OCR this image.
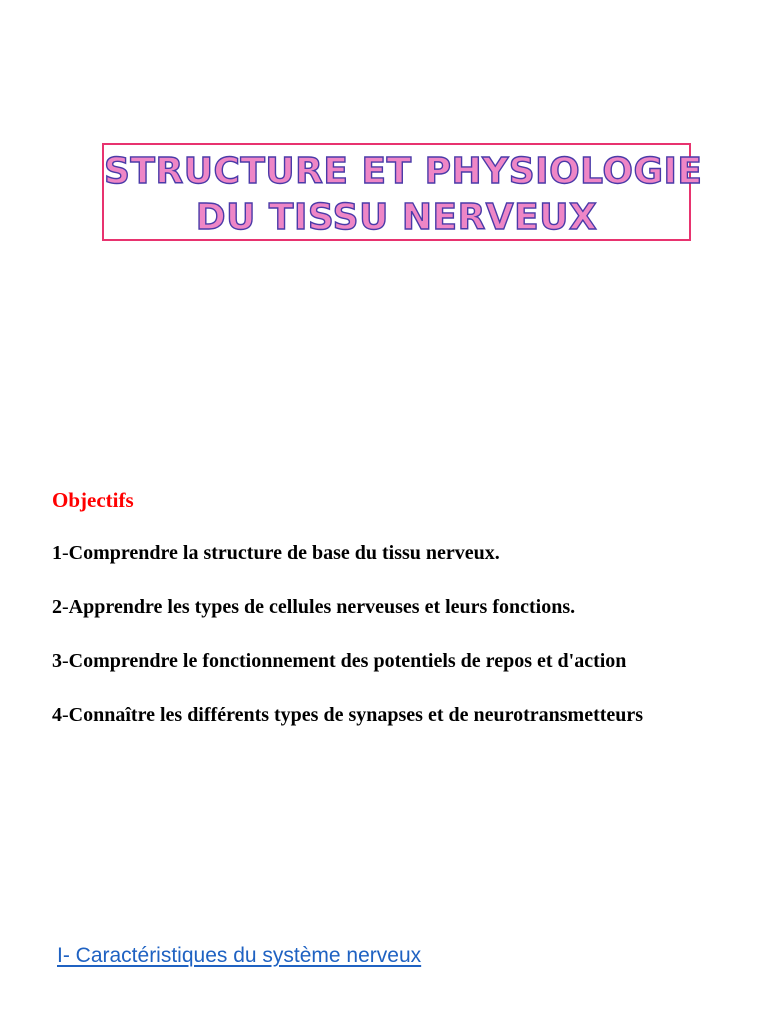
STRUCTURE ET PHYSIOLOGIE
DU TISSU NERVEUX
Objectifs
1-Comprendre la structure de base du tissu nerveux.
2-Apprendre les types de cellules nerveuses et leurs fonctions.
3-Comprendre le fonctionnement des potentiels de repos et d'action
4-Connaître les différents types de synapses et de neurotransmetteurs
I- Caractéristiques du système nerveux
